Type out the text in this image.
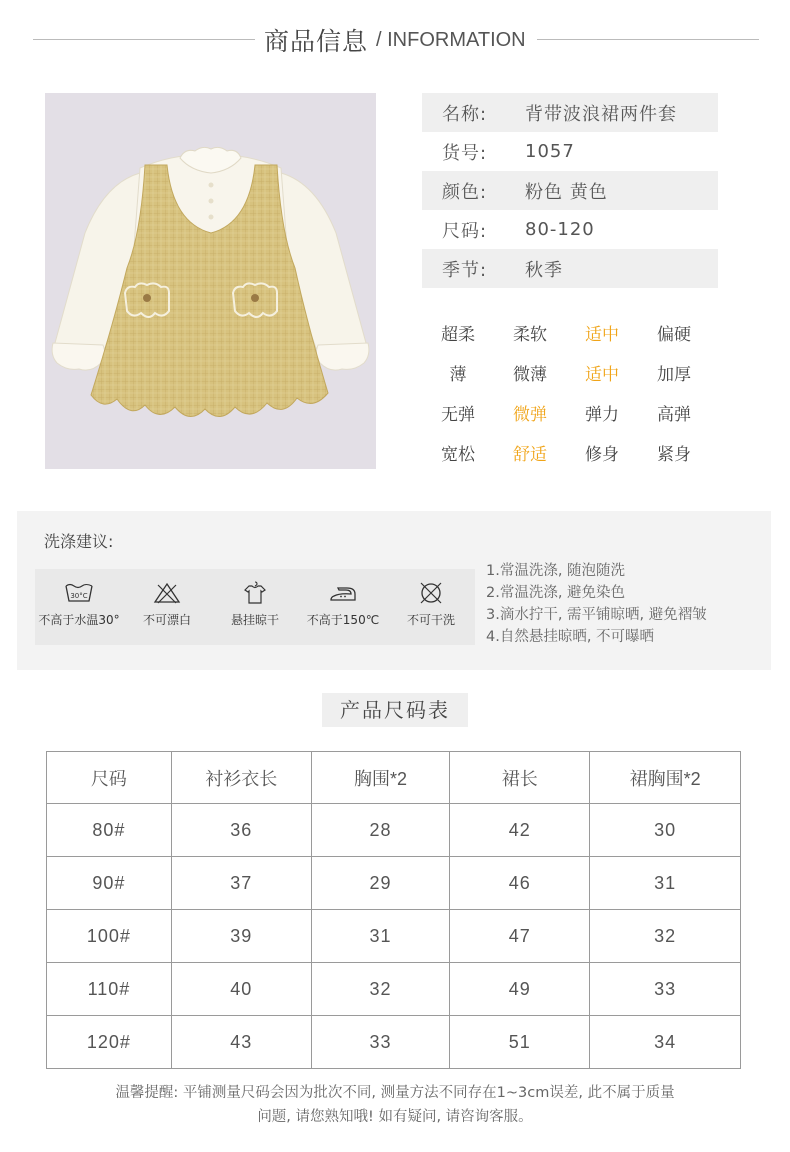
商品信息 / INFORMATION
名称:	背带波浪裙两件套
货号:	1057
颜色:	粉色 黄色
尺码:	80-120
季节:	秋季
超柔	柔软	适中	偏硬
薄	微薄	适中	加厚
无弹	微弹	弹力	高弹
宽松	舒适	修身	紧身
洗涤建议:
30°C
不高于水温30° 不可漂白	悬挂晾干 不高于150℃ 不可干洗
1.常温洗涤, 随泡随洗
2.常温洗涤, 避免染色
3.滴水拧干, 需平铺晾晒, 避免褶皱
4.自然悬挂晾晒, 不可曝晒
产品尺码表
尺码	衬衫衣长	胸围*2	裙长	裙胸围*2
80#	36	28	42	30
90#	37	29	46	31
100#	39	31	47	32
110#	40	32	49	33
120#	43	33	51	34
温馨提醒: 平铺测量尺码会因为批次不同, 测量方法不同存在1~3cm误差, 此不属于质量
问题, 请您熟知哦! 如有疑问, 请咨询客服。
